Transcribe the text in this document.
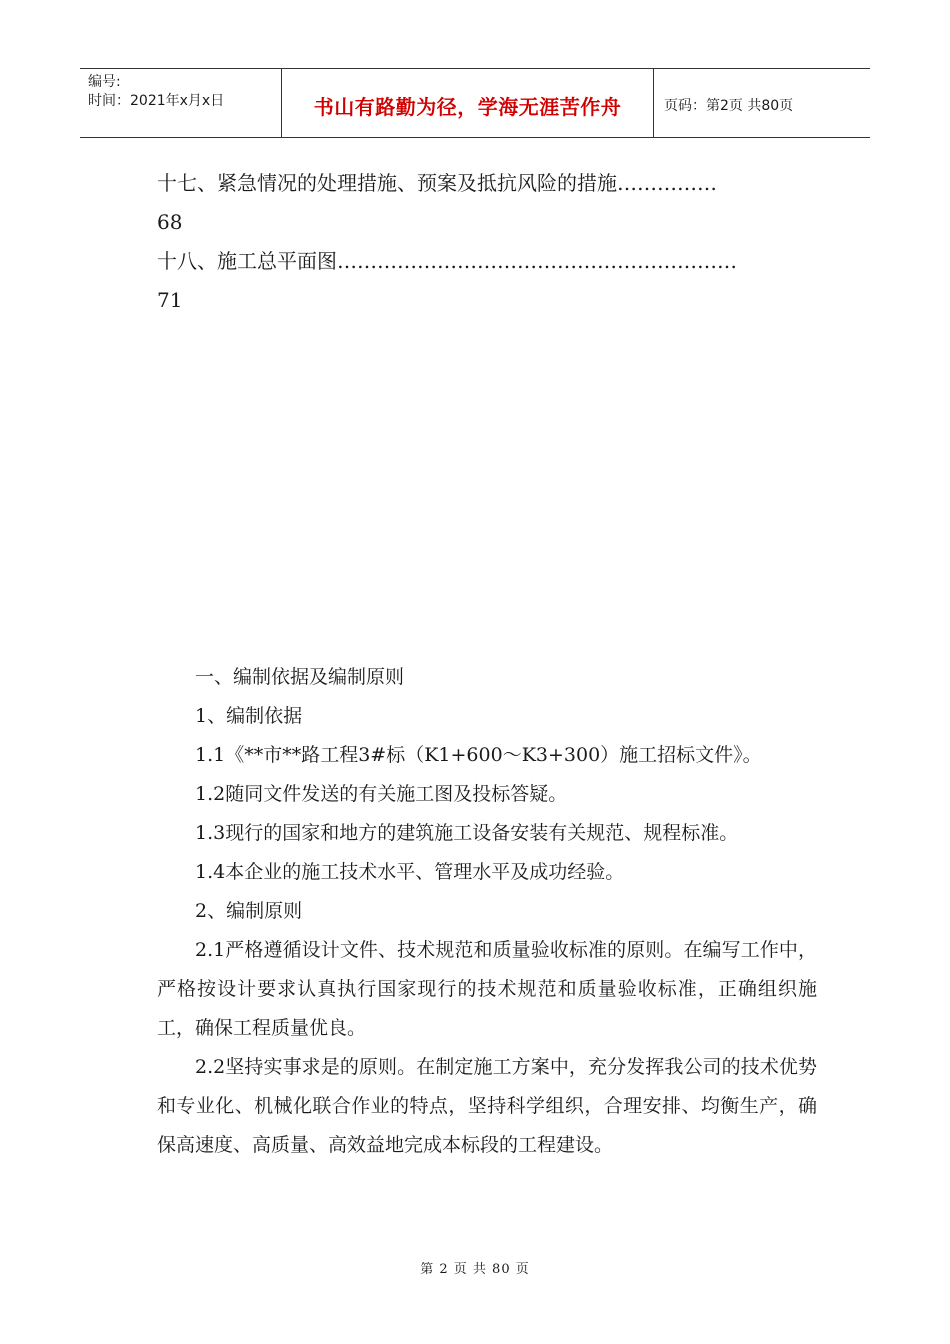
编号:
时间：2021年x月x日	书山有路勤为径，学海无涯苦作舟	页码：第2页 共80页
十七、紧急情况的处理措施、预案及抵抗风险的措施……………
68
十八、施工总平面图……………………………………………………
71

一、编制依据及编制原则

1、编制依据

1.1《**市**路工程3#标（K1+600～K3+300）施工招标文件》。

1.2随同文件发送的有关施工图及投标答疑。

1.3现行的国家和地方的建筑施工设备安装有关规范、规程标准。

1.4本企业的施工技术水平、管理水平及成功经验。

2、编制原则

2.1严格遵循设计文件、技术规范和质量验收标准的原则。在编写工作中，严格按设计要求认真执行国家现行的技术规范和质量验收标准，正确组织施工，确保工程质量优良。

2.2坚持实事求是的原则。在制定施工方案中，充分发挥我公司的技术优势和专业化、机械化联合作业的特点，坚持科学组织，合理安排、均衡生产，确保高速度、高质量、高效益地完成本标段的工程建设。

第 2 页 共 80 页
